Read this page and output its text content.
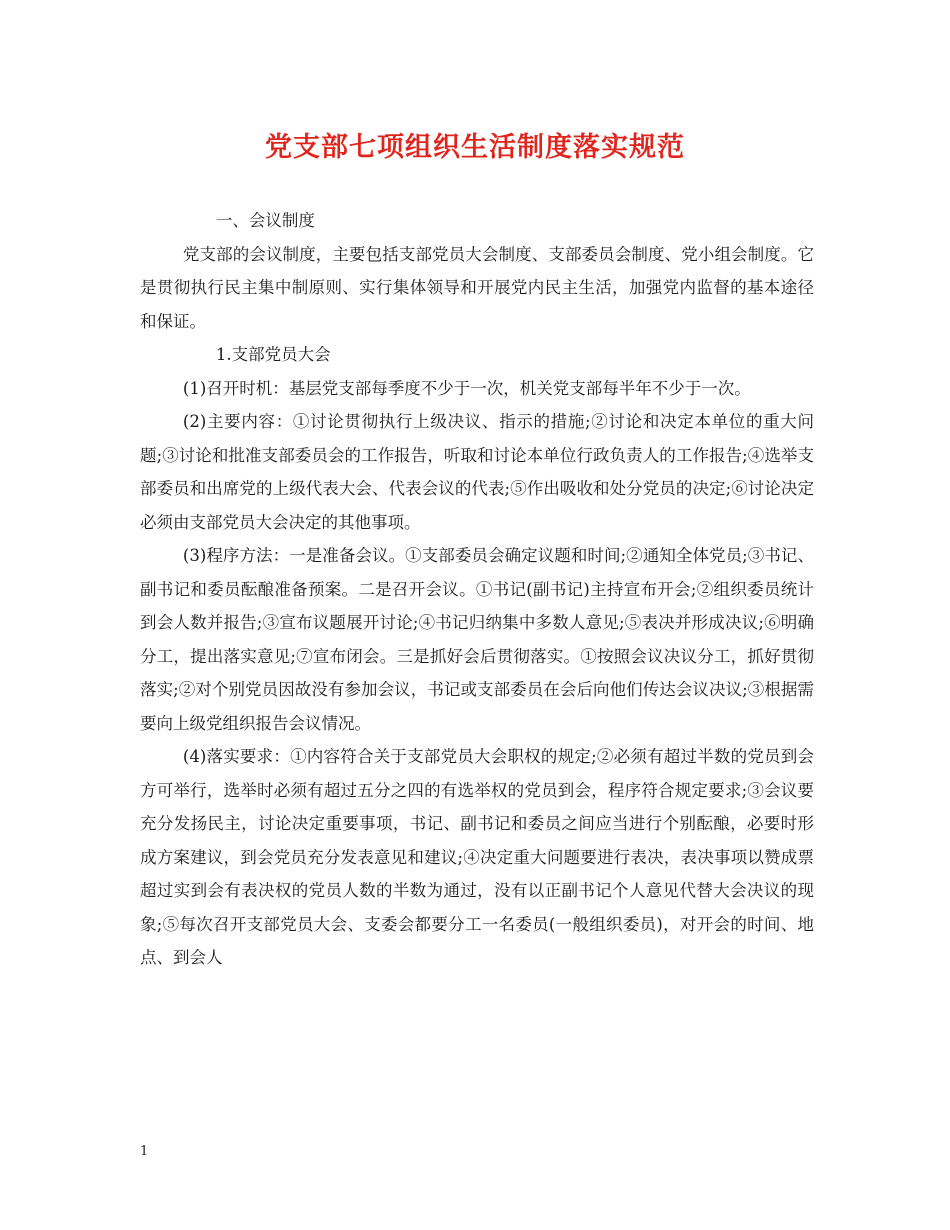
党支部七项组织生活制度落实规范

一、会议制度

党支部的会议制度，主要包括支部党员大会制度、支部委员会制度、党小组会制度。它是贯彻执行民主集中制原则、实行集体领导和开展党内民主生活，加强党内监督的基本途径和保证。

1.支部党员大会

(1)召开时机：基层党支部每季度不少于一次，机关党支部每半年不少于一次。

(2)主要内容：①讨论贯彻执行上级决议、指示的措施;②讨论和决定本单位的重大问题;③讨论和批准支部委员会的工作报告，听取和讨论本单位行政负责人的工作报告;④选举支部委员和出席党的上级代表大会、代表会议的代表;⑤作出吸收和处分党员的决定;⑥讨论决定必须由支部党员大会决定的其他事项。

(3)程序方法：一是准备会议。①支部委员会确定议题和时间;②通知全体党员;③书记、副书记和委员酝酿准备预案。二是召开会议。①书记(副书记)主持宣布开会;②组织委员统计到会人数并报告;③宣布议题展开讨论;④书记归纳集中多数人意见;⑤表决并形成决议;⑥明确分工，提出落实意见;⑦宣布闭会。三是抓好会后贯彻落实。①按照会议决议分工，抓好贯彻落实;②对个别党员因故没有参加会议，书记或支部委员在会后向他们传达会议决议;③根据需要向上级党组织报告会议情况。

(4)落实要求：①内容符合关于支部党员大会职权的规定;②必须有超过半数的党员到会方可举行，选举时必须有超过五分之四的有选举权的党员到会，程序符合规定要求;③会议要充分发扬民主，讨论决定重要事项，书记、副书记和委员之间应当进行个别酝酿，必要时形成方案建议，到会党员充分发表意见和建议;④决定重大问题要进行表决，表决事项以赞成票超过实到会有表决权的党员人数的半数为通过，没有以正副书记个人意见代替大会决议的现象;⑤每次召开支部党员大会、支委会都要分工一名委员(一般组织委员)，对开会的时间、地点、到会人

1
